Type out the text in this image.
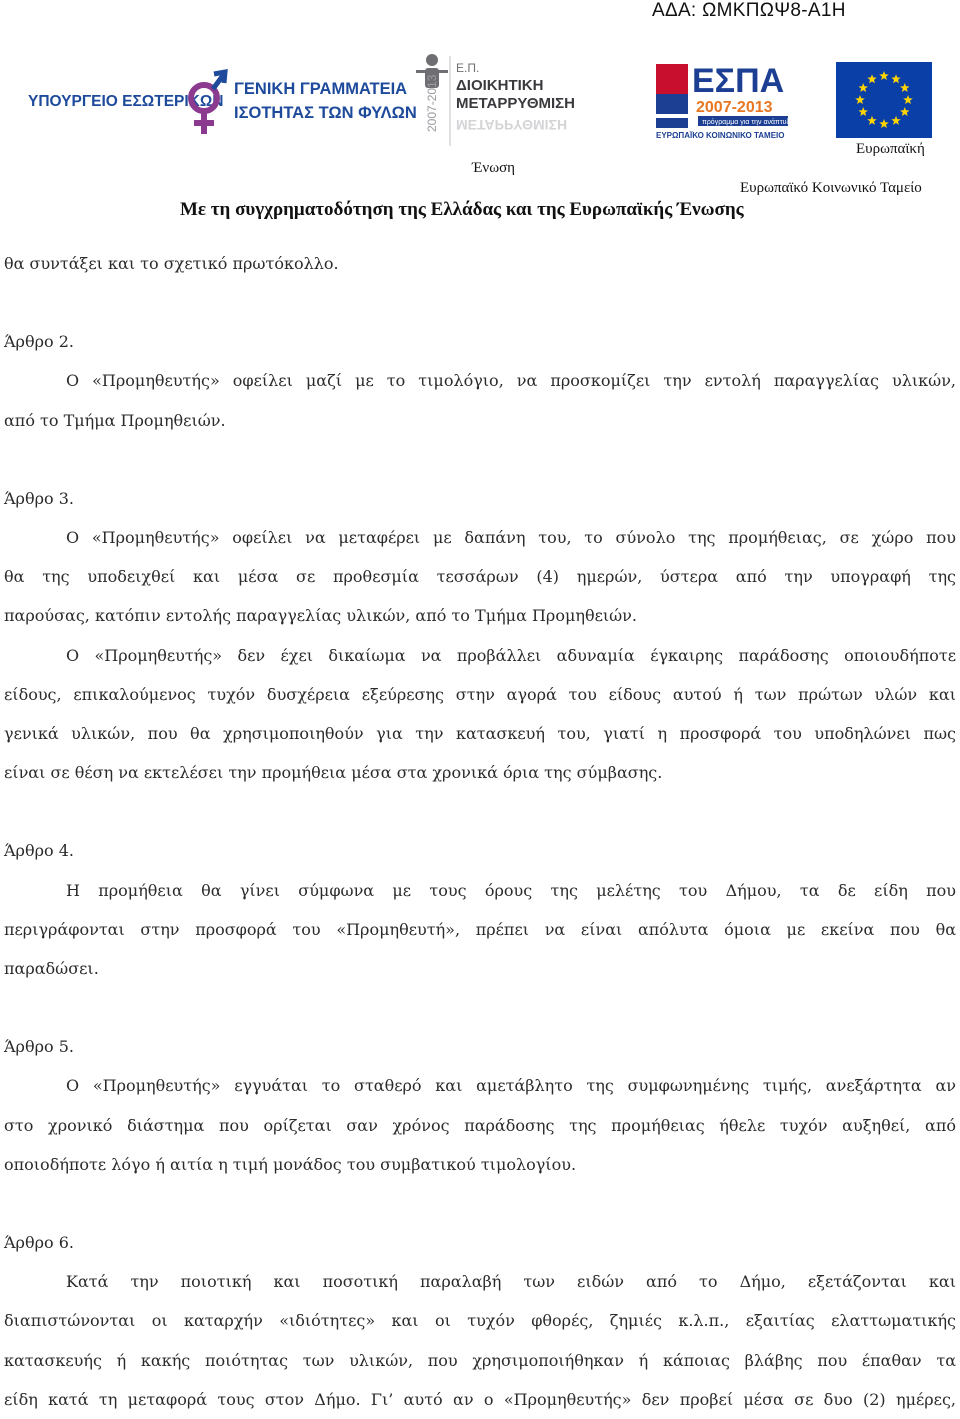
ΑΔΑ: ΩΜΚΠΩΨ8-Α1Η
ΥΠΟΥΡΓΕΙΟ ΕΣΩΤΕΡΙΚΩΝ
ΓΕΝΙΚΗ ΓΡΑΜΜΑΤΕΙΑ
ΙΣΟΤΗΤΑΣ ΤΩΝ ΦΥΛΩΝ 2007-2013
Ε.Π.
ΔΙΟΙΚΗΤΙΚΗ
ΜΕΤΑΡΡΥΘΜΙΣΗ
ΜΕΤΑΡΡΥΘΜΙΣΗ
ΕΣΠΑ
2007-2013
πρόγραμμα για την ανάπτυξη
ΕΥΡΩΠΑΪΚΟ ΚΟΙΝΩΝΙΚΟ ΤΑΜΕΙΟ
Ένωση
Ευρωπαϊκή
Ευρωπαϊκό Κοινωνικό Ταμείο
Με τη συγχρηματοδότηση της Ελλάδας και της Ευρωπαϊκής Ένωσης

θα συντάξει και το σχετικό πρωτόκολλο.

Άρθρο 2.

Ο «Προμηθευτής» οφείλει μαζί με το τιμολόγιο, να προσκομίζει την εντολή παραγγελίας υλικών,

από το Τμήμα Προμηθειών.

Άρθρο 3.

Ο «Προμηθευτής» οφείλει να μεταφέρει με δαπάνη του, το σύνολο της προμήθειας, σε χώρο που

θα της υποδειχθεί και μέσα σε προθεσμία τεσσάρων (4) ημερών, ύστερα από την υπογραφή της

παρούσας, κατόπιν εντολής παραγγελίας υλικών, από το Τμήμα Προμηθειών.

Ο «Προμηθευτής» δεν έχει δικαίωμα να προβάλλει αδυναμία έγκαιρης παράδοσης οποιουδήποτε

είδους, επικαλούμενος τυχόν δυσχέρεια εξεύρεσης στην αγορά του είδους αυτού ή των πρώτων υλών και

γενικά υλικών, που θα χρησιμοποιηθούν για την κατασκευή του, γιατί η προσφορά του υποδηλώνει πως

είναι σε θέση να εκτελέσει την προμήθεια μέσα στα χρονικά όρια της σύμβασης.

Άρθρο 4.

Η προμήθεια θα γίνει σύμφωνα με τους όρους της μελέτης του Δήμου, τα δε είδη που

περιγράφονται στην προσφορά του «Προμηθευτή», πρέπει να είναι απόλυτα όμοια με εκείνα που θα

παραδώσει.

Άρθρο 5.

Ο «Προμηθευτής» εγγυάται το σταθερό και αμετάβλητο της συμφωνημένης τιμής, ανεξάρτητα αν

στο χρονικό διάστημα που ορίζεται σαν χρόνος παράδοσης της προμήθειας ήθελε τυχόν αυξηθεί, από

οποιοδήποτε λόγο ή αιτία η τιμή μονάδος του συμβατικού τιμολογίου.

Άρθρο 6.

Κατά την ποιοτική και ποσοτική παραλαβή των ειδών από το Δήμο, εξετάζονται και

διαπιστώνονται οι καταρχήν «ιδιότητες» και οι τυχόν φθορές, ζημιές κ.λ.π., εξαιτίας ελαττωματικής

κατασκευής ή κακής ποιότητας των υλικών, που χρησιμοποιήθηκαν ή κάποιας βλάβης που έπαθαν τα

είδη κατά τη μεταφορά τους στον Δήμο. Γι’ αυτό αν ο «Προμηθευτής» δεν προβεί μέσα σε δυο (2) ημέρες,
